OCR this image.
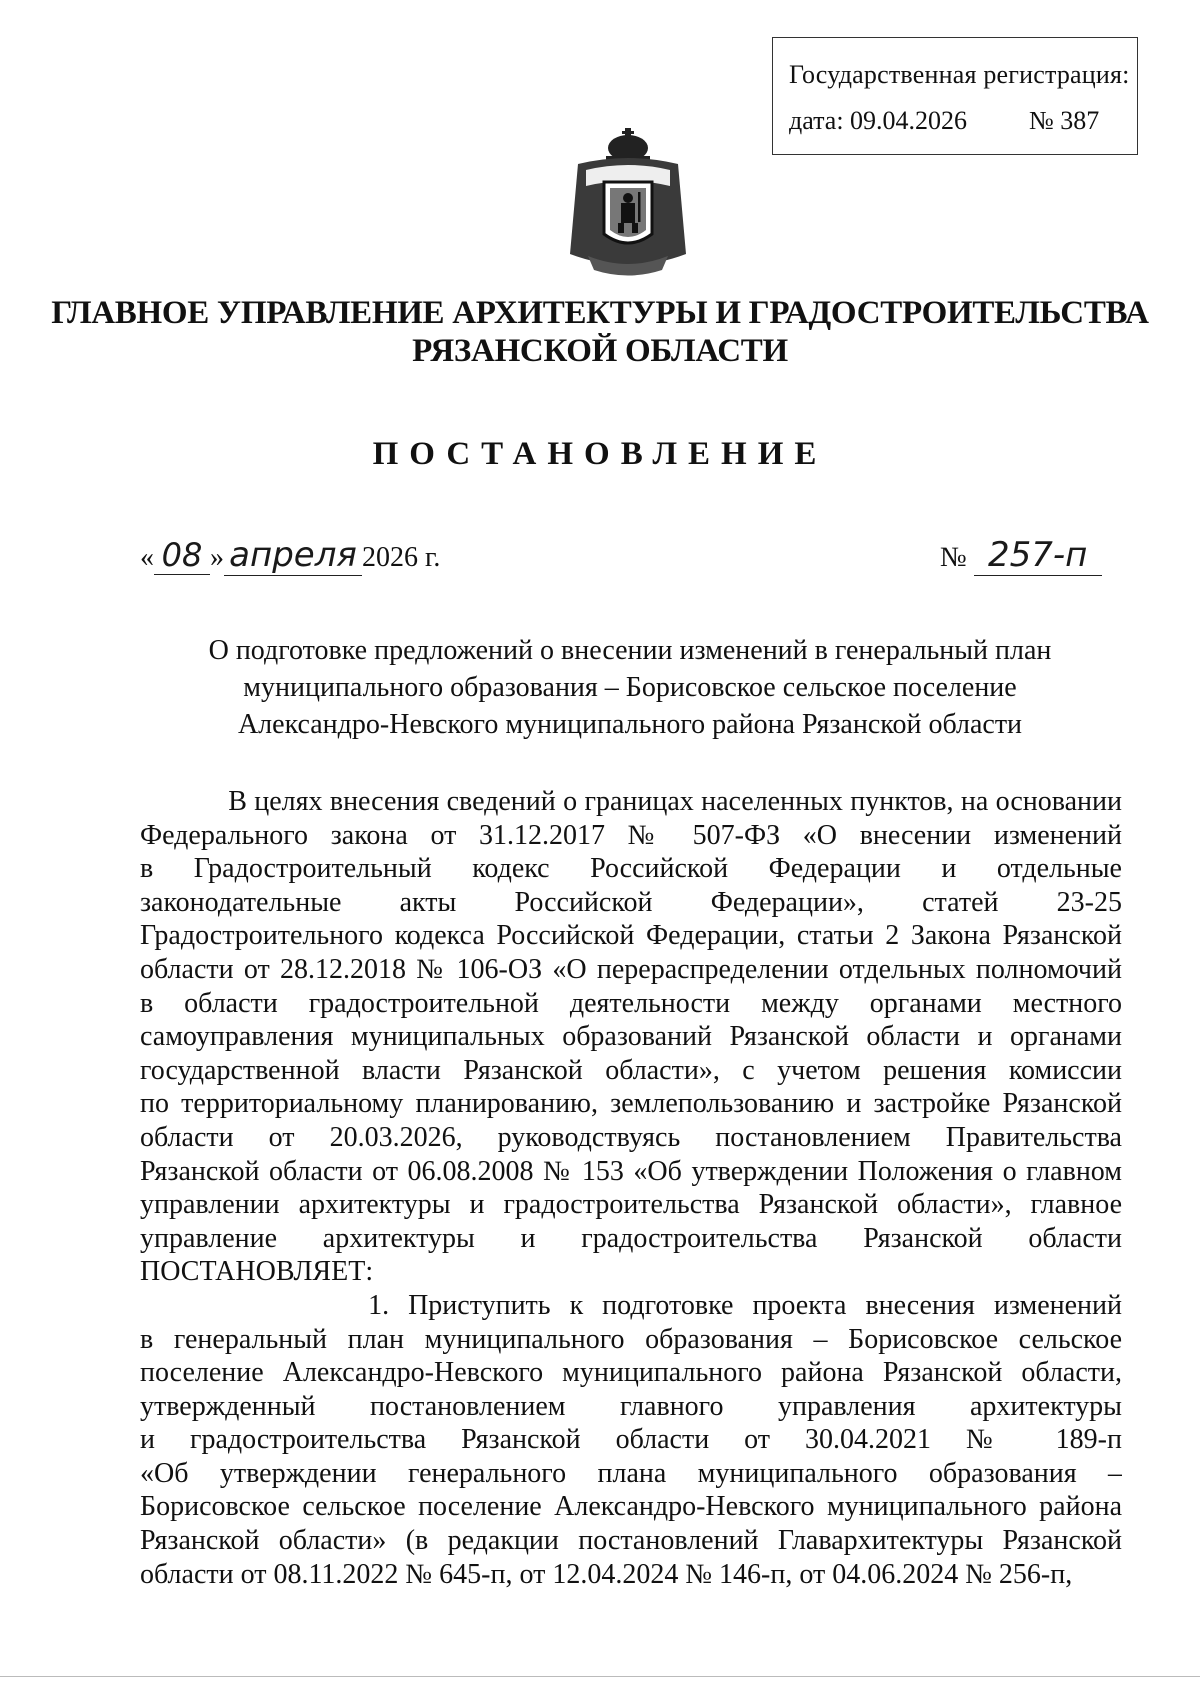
Государственная регистрация:
дата: 09.04.2026 № 387
ГЛАВНОЕ УПРАВЛЕНИЕ АРХИТЕКТУРЫ И ГРАДОСТРОИТЕЛЬСТВА
РЯЗАНСКОЙ ОБЛАСТИ
ПОСТАНОВЛЕНИЕ
« 08 » апреля 2026 г.	№ 257-п
О подготовке предложений о внесении изменений в генеральный план
муниципального образования – Борисовское сельское поселение
Александро-Невского муниципального района Рязанской области
В целях внесения сведений о границах населенных пунктов, на основании
Федерального закона от 31.12.2017 № 507-ФЗ «О внесении изменений
в Градостроительный кодекс Российской Федерации и отдельные
законодательные акты Российской Федерации», статей 23-25
Градостроительного кодекса Российской Федерации, статьи 2 Закона Рязанской
области от 28.12.2018 № 106-ОЗ «О перераспределении отдельных полномочий
в области градостроительной деятельности между органами местного
самоуправления муниципальных образований Рязанской области и органами
государственной власти Рязанской области», с учетом решения комиссии
по территориальному планированию, землепользованию и застройке Рязанской
области от 20.03.2026, руководствуясь постановлением Правительства
Рязанской области от 06.08.2008 № 153 «Об утверждении Положения о главном
управлении архитектуры и градостроительства Рязанской области», главное
управление архитектуры и градостроительства Рязанской области
ПОСТАНОВЛЯЕТ:
1. Приступить к подготовке проекта внесения изменений
в генеральный план муниципального образования – Борисовское сельское
поселение Александро-Невского муниципального района Рязанской области,
утвержденный постановлением главного управления архитектуры
и градостроительства Рязанской области от 30.04.2021 № 189-п
«Об утверждении генерального плана муниципального образования –
Борисовское сельское поселение Александро-Невского муниципального района
Рязанской области» (в редакции постановлений Главархитектуры Рязанской
области от 08.11.2022 № 645-п, от 12.04.2024 № 146-п, от 04.06.2024 № 256-п,
